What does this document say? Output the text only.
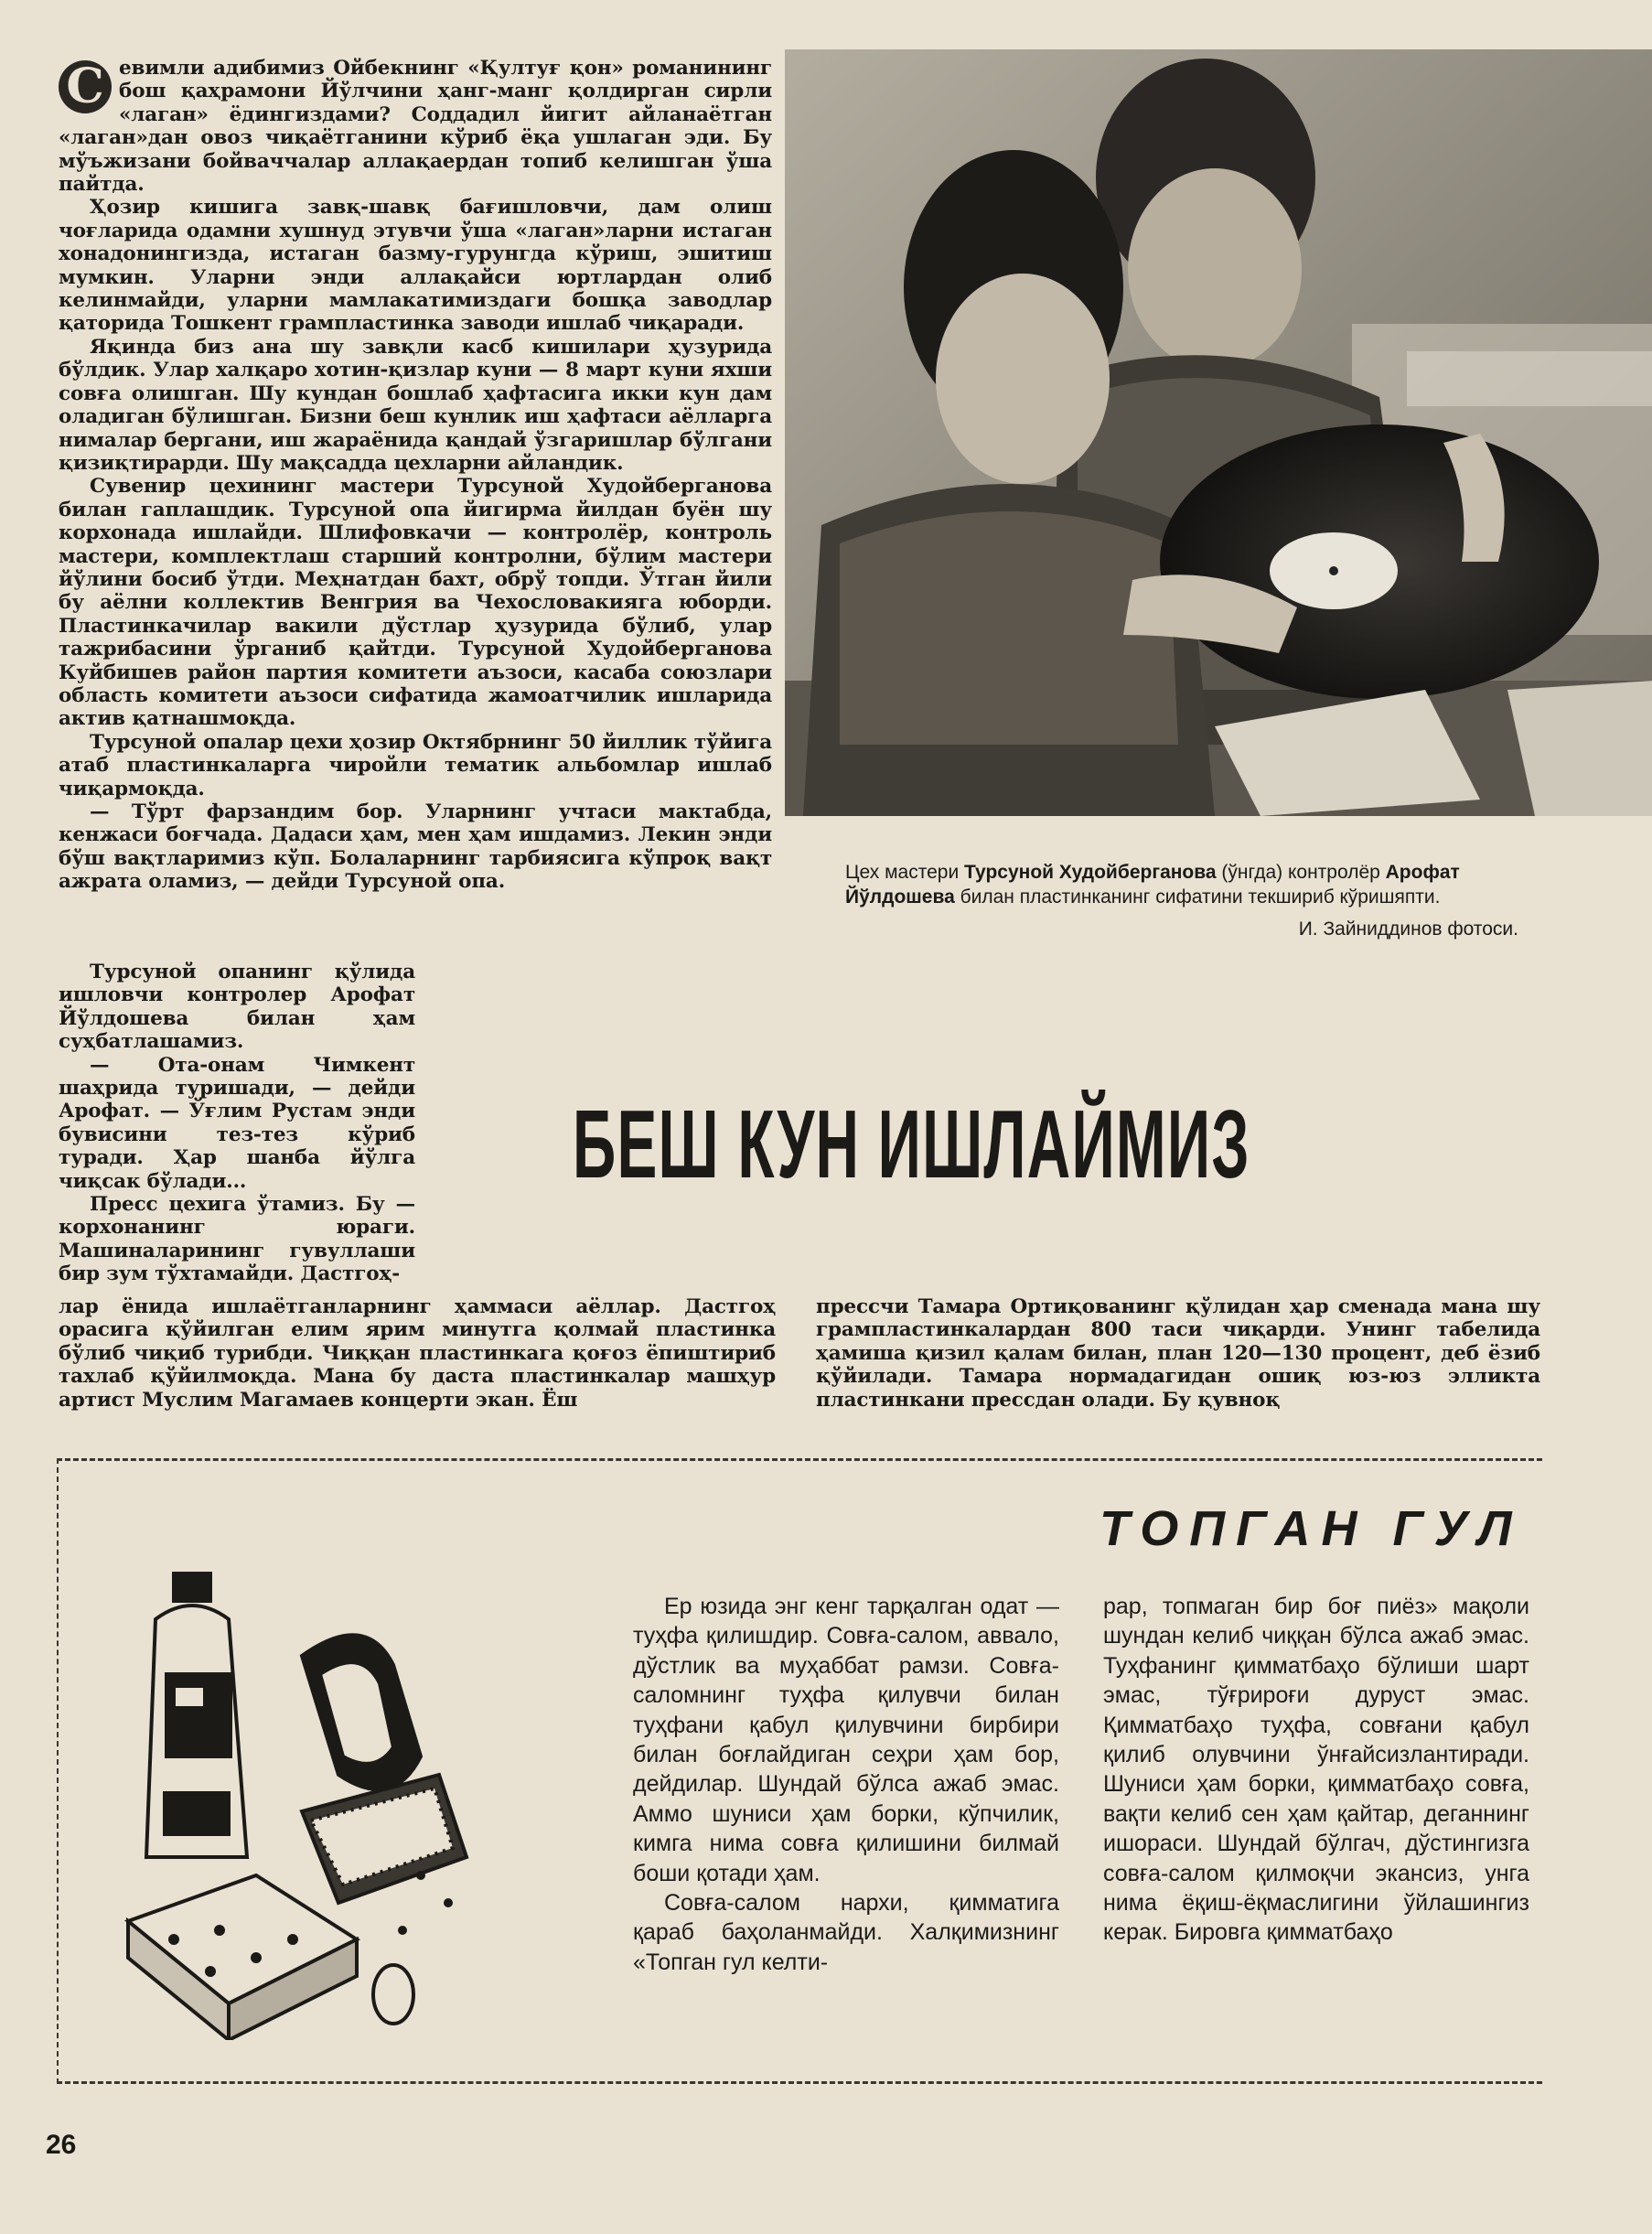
С евимли адибимиз Ойбекнинг «Қултуғ қон» романининг бош қаҳрамони Йўлчини ҳанг-манг қолдирган сирли «лаган» ёдингиздами? Соддадил йигит айланаётган «лаган»дан овоз чиқаётганини кўриб ёқа ушлаган эди. Бу мўъжизани бойваччалар аллақаердан топиб келишган ўша пайтда.

Ҳозир кишига завқ-шавқ бағишловчи, дам олиш чоғларида одамни хушнуд этувчи ўша «лаган»ларни истаган хонадонингизда, истаган базму-гурунгда кўриш, эшитиш мумкин. Уларни энди аллақайси юртлардан олиб келинмайди, уларни мамлакатимиздаги бошқа заводлар қаторида Тошкент грампластинка заводи ишлаб чиқаради.

Яқинда биз ана шу завқли касб кишилари ҳузурида бўлдик. Улар халқаро хотин-қизлар куни — 8 март куни яхши совға олишган. Шу кундан бошлаб ҳафтасига икки кун дам оладиган бўлишган. Бизни беш кунлик иш ҳафтаси аёлларга нималар бергани, иш жараёнида қандай ўзгаришлар бўлгани қизиқтирарди. Шу мақсадда цехларни айландик.

Сувенир цехининг мастери Турсуной Худойберганова билан гаплашдик. Турсуной опа йигирма йилдан буён шу корхонада ишлайди. Шлифовкачи — контролёр, контроль мастери, комплектлаш старший контролни, бўлим мастери йўлини босиб ўтди. Меҳнатдан бахт, обрў топди. Ўтган йили бу аёлни коллектив Венгрия ва Чехословакияга юборди. Пластинкачилар вакили дўстлар ҳузурида бўлиб, улар тажрибасини ўрганиб қайтди. Турсуной Худойберганова Куйбишев район партия комитети аъзоси, касаба союзлари область комитети аъзоси сифатида жамоатчилик ишларида актив қатнашмоқда.

Турсуной опалар цехи ҳозир Октябрнинг 50 йиллик тўйига атаб пластинкаларга чиройли тематик альбомлар ишлаб чиқармоқда.

— Тўрт фарзандим бор. Уларнинг учтаси мактабда, кенжаси боғчада. Дадаси ҳам, мен ҳам ишдамиз. Лекин энди бўш вақтларимиз кўп. Болаларнинг тарбиясига кўпроқ вақт ажрата оламиз, — дейди Турсуной опа.

Турсуной опанинг қўлида ишловчи контролер Арофат Йўлдошева билан ҳам суҳбатлашамиз.

— Ота-онам Чимкент шаҳрида туришади, — дейди Арофат. — Ўғлим Рустам энди бувисини тез-тез кўриб туради. Ҳар шанба йўлга чиқсак бўлади...

Пресс цехига ўтамиз. Бу — корхонанинг юраги. Машиналарининг гувуллаши бир зум тўхтамайди. Дастгоҳ-

лар ёнида ишлаётганларнинг ҳаммаси аёллар. Дастгоҳ орасига қўйилган елим ярим минутга қолмай пластинка бўлиб чиқиб турибди. Чиққан пластинкага қоғоз ёпиштириб тахлаб қўйилмоқда. Мана бу даста пластинкалар машҳур артист Муслим Магамаев концерти экан. Ёш

прессчи Тамара Ортиқованинг қўлидан ҳар сменада мана шу грампластинкалардан 800 таси чиқарди. Унинг табелида ҳамиша қизил қалам билан, план 120—130 процент, деб ёзиб қўйилади. Тамара нормадагидан ошиқ юз-юз элликта пластинкани прессдан олади. Бу қувноқ

БЕШ КУН ИШЛАЙМИЗ
Цех мастери Турсуной Худойберганова (ўнгда) контролёр Арофат Йўлдошева билан пластинканинг сифатини текшириб кўришяпти.
И. Зайниддинов фотоси.
ТОПГАН ГУЛ

Ер юзида энг кенг тарқалган одат — туҳфа қилишдир. Совға-салом, аввало, дўстлик ва муҳаббат рамзи. Совға-саломнинг туҳфа қилувчи билан туҳфани қабул қилувчини бирбири билан боғлайдиган сеҳри ҳам бор, дейдилар. Шундай бўлса ажаб эмас. Аммо шуниси ҳам борки, кўпчилик, кимга нима совға қилишини билмай боши қотади ҳам.

Совға-салом нархи, қимматига қараб баҳоланмайди. Халқимизнинг «Топган гул келти-

рар, топмаган бир боғ пиёз» мақоли шундан келиб чиққан бўлса ажаб эмас. Туҳфанинг қимматбаҳо бўлиши шарт эмас, тўғрироғи дуруст эмас. Қимматбаҳо туҳфа, совғани қабул қилиб олувчини ўнғайсизлантиради. Шуниси ҳам борки, қимматбаҳо совға, вақти келиб сен ҳам қайтар, деганнинг ишораси. Шундай бўлгач, дўстингизга совға-салом қилмоқчи экансиз, унга нима ёқиш-ёқмаслигини ўйлашингиз керак. Бировга қимматбаҳо

26
